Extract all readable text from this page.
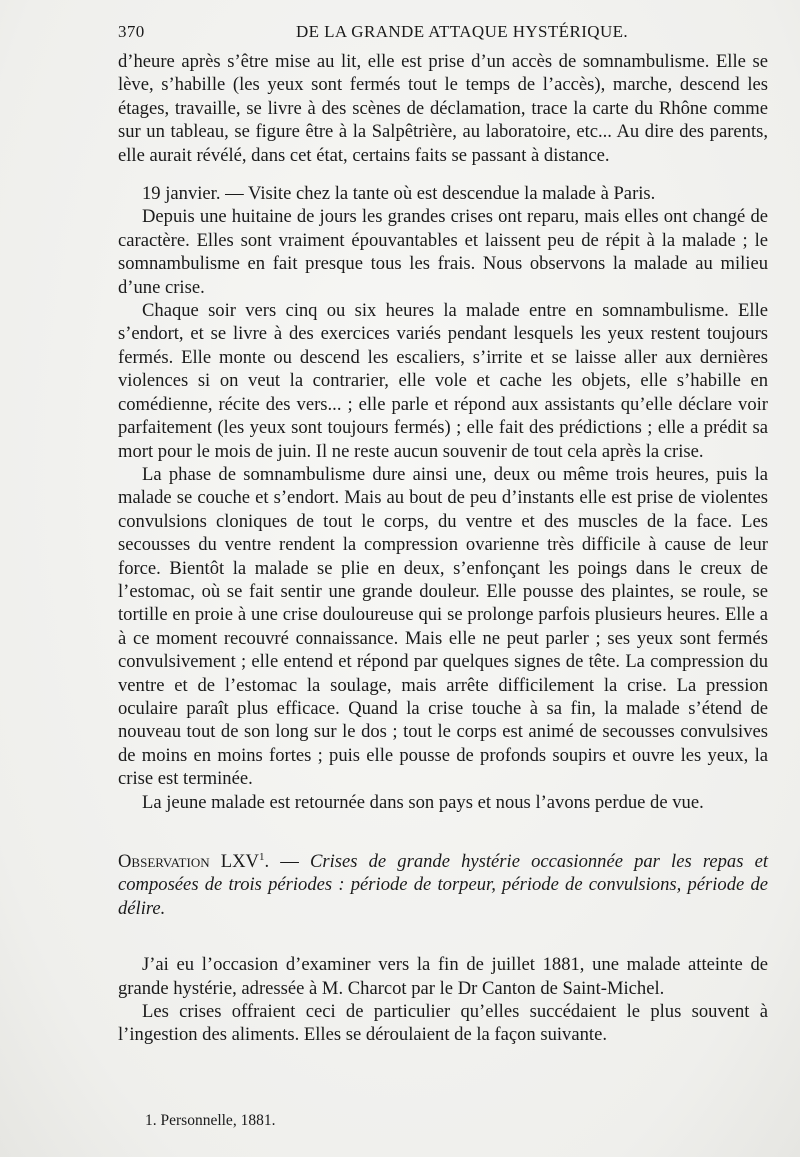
370	DE LA GRANDE ATTAQUE HYSTÉRIQUE.

d’heure après s’être mise au lit, elle est prise d’un accès de somnambulisme. Elle se lève, s’habille (les yeux sont fermés tout le temps de l’accès), marche, descend les étages, travaille, se livre à des scènes de déclamation, trace la carte du Rhône comme sur un tableau, se figure être à la Salpêtrière, au laboratoire, etc... Au dire des parents, elle aurait révélé, dans cet état, certains faits se passant à distance.

19 janvier. — Visite chez la tante où est descendue la malade à Paris.

Depuis une huitaine de jours les grandes crises ont reparu, mais elles ont changé de caractère. Elles sont vraiment épouvantables et laissent peu de répit à la malade ; le somnambulisme en fait presque tous les frais. Nous observons la malade au milieu d’une crise.

Chaque soir vers cinq ou six heures la malade entre en somnambulisme. Elle s’endort, et se livre à des exercices variés pendant lesquels les yeux restent toujours fermés. Elle monte ou descend les escaliers, s’irrite et se laisse aller aux dernières violences si on veut la contrarier, elle vole et cache les objets, elle s’habille en comédienne, récite des vers... ; elle parle et répond aux assistants qu’elle déclare voir parfaitement (les yeux sont toujours fermés) ; elle fait des prédictions ; elle a prédit sa mort pour le mois de juin. Il ne reste aucun souvenir de tout cela après la crise.

La phase de somnambulisme dure ainsi une, deux ou même trois heures, puis la malade se couche et s’endort. Mais au bout de peu d’instants elle est prise de violentes convulsions cloniques de tout le corps, du ventre et des muscles de la face. Les secousses du ventre rendent la compression ovarienne très difficile à cause de leur force. Bientôt la malade se plie en deux, s’enfonçant les poings dans le creux de l’estomac, où se fait sentir une grande douleur. Elle pousse des plaintes, se roule, se tortille en proie à une crise douloureuse qui se prolonge parfois plusieurs heures. Elle a à ce moment recouvré connaissance. Mais elle ne peut parler ; ses yeux sont fermés convulsivement ; elle entend et répond par quelques signes de tête. La compression du ventre et de l’estomac la soulage, mais arrête difficilement la crise. La pression oculaire paraît plus efficace. Quand la crise touche à sa fin, la malade s’étend de nouveau tout de son long sur le dos ; tout le corps est animé de secousses convulsives de moins en moins fortes ; puis elle pousse de profonds soupirs et ouvre les yeux, la crise est terminée.

La jeune malade est retournée dans son pays et nous l’avons perdue de vue.

Observation LXV$^1$. — Crises de grande hystérie occasionnée par les repas et composées de trois périodes : période de torpeur, période de convulsions, période de délire.

J’ai eu l’occasion d’examiner vers la fin de juillet 1881, une malade atteinte de grande hystérie, adressée à M. Charcot par le Dr Canton de Saint-Michel.

Les crises offraient ceci de particulier qu’elles succédaient le plus souvent à l’ingestion des aliments. Elles se déroulaient de la façon suivante.

1. Personnelle, 1881.
